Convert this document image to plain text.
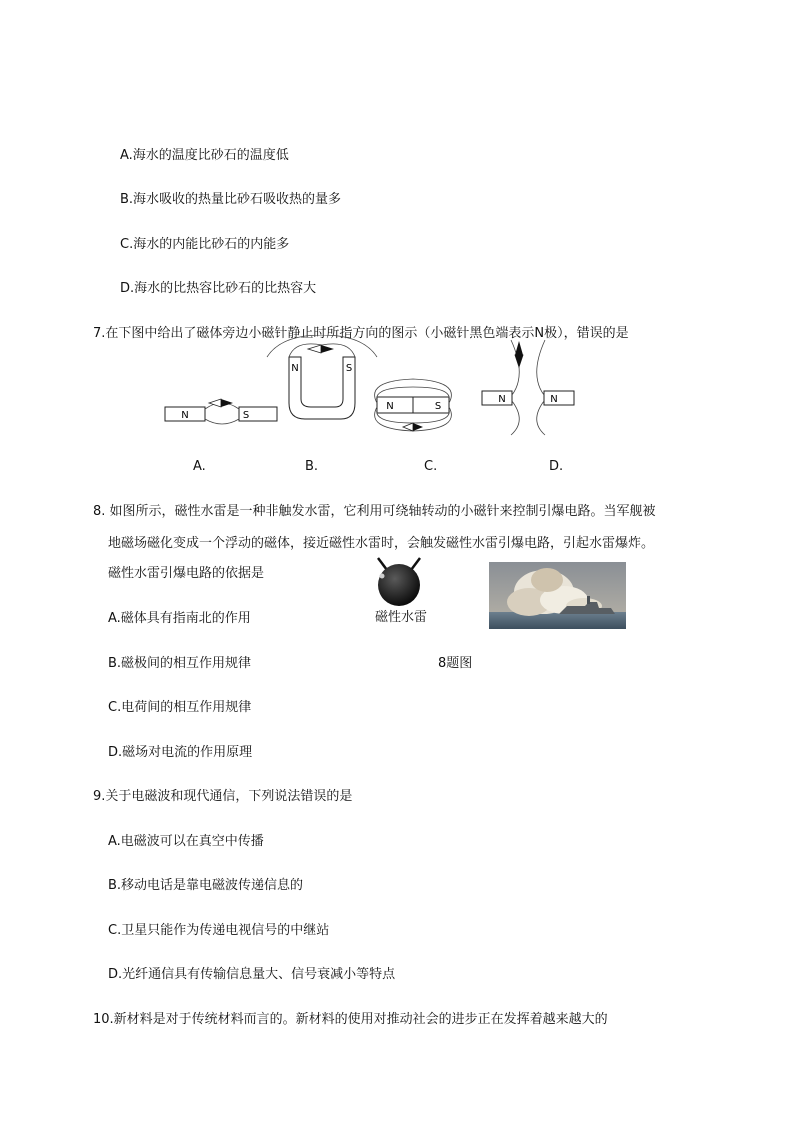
A.海水的温度比砂石的温度低
B.海水吸收的热量比砂石吸收热的量多
C.海水的内能比砂石的内能多
D.海水的比热容比砂石的比热容大
7.在下图中给出了磁体旁边小磁针静止时所指方向的图示（小磁针黑色端表示N极），错误的是
N	S
N	S
N	S
N	N
A.	B.	C.	D.
8. 如图所示，磁性水雷是一种非触发水雷，它利用可绕轴转动的小磁针来控制引爆电路。当军舰被
地磁场磁化变成一个浮动的磁体，接近磁性水雷时，会触发磁性水雷引爆电路，引起水雷爆炸。
磁性水雷引爆电路的依据是
磁性水雷
A.磁体具有指南北的作用
B.磁极间的相互作用规律	8题图
C.电荷间的相互作用规律
D.磁场对电流的作用原理
9.关于电磁波和现代通信，下列说法错误的是
A.电磁波可以在真空中传播
B.移动电话是靠电磁波传递信息的
C.卫星只能作为传递电视信号的中继站
D.光纤通信具有传输信息量大、信号衰减小等特点
10.新材料是对于传统材料而言的。新材料的使用对推动社会的进步正在发挥着越来越大的
